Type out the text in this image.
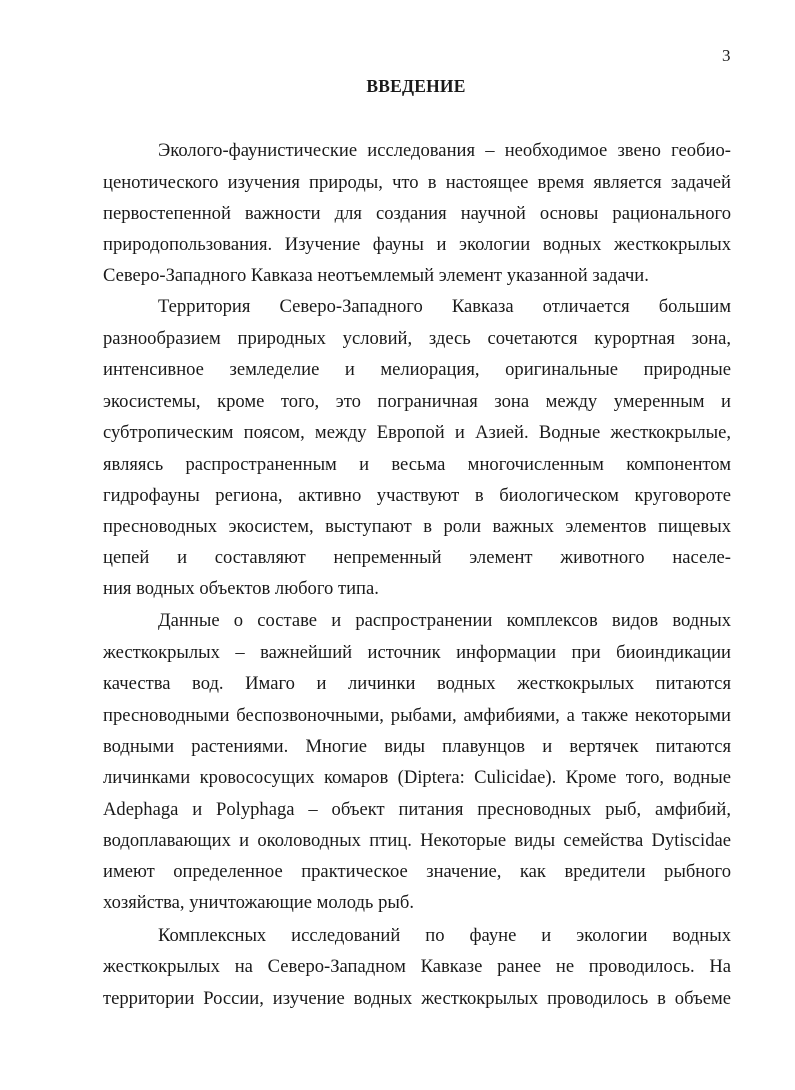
3
ВВЕДЕНИЕ
Эколого-фаунистические исследования – необходимое звено геобио-
ценотического изучения природы, что в настоящее время является задачей
первостепенной важности для создания научной основы рационального
природопользования. Изучение фауны и экологии водных жесткокрылых
Северо-Западного Кавказа неотъемлемый элемент указанной задачи.
Территория Северо-Западного Кавказа отличается большим
разнообразием природных условий, здесь сочетаются курортная зона,
интенсивное земледелие и мелиорация, оригинальные природные
экосистемы, кроме того, это пограничная зона между умеренным и
субтропическим поясом, между Европой и Азией. Водные жесткокрылые,
являясь распространенным и весьма многочисленным компонентом
гидрофауны региона, активно участвуют в биологическом круговороте
пресноводных экосистем, выступают в роли важных элементов пищевых
цепей и составляют непременный элемент животного населе-
ния водных объектов любого типа.
Данные о составе и распространении комплексов видов водных
жесткокрылых – важнейший источник информации при биоиндикации
качества вод. Имаго и личинки водных жесткокрылых питаются
пресноводными беспозвоночными, рыбами, амфибиями, а также некоторыми
водными растениями. Многие виды плавунцов и вертячек питаются
личинками кровососущих комаров (Diptera: Culicidae). Кроме того, водные
Adephaga и Polyphaga – объект питания пресноводных рыб, амфибий,
водоплавающих и околоводных птиц. Некоторые виды семейства Dytiscidae
имеют определенное практическое значение, как вредители рыбного
хозяйства, уничтожающие молодь рыб.
Комплексных исследований по фауне и экологии водных
жесткокрылых на Северо-Западном Кавказе ранее не проводилось. На
территории России, изучение водных жесткокрылых проводилось в объеме
